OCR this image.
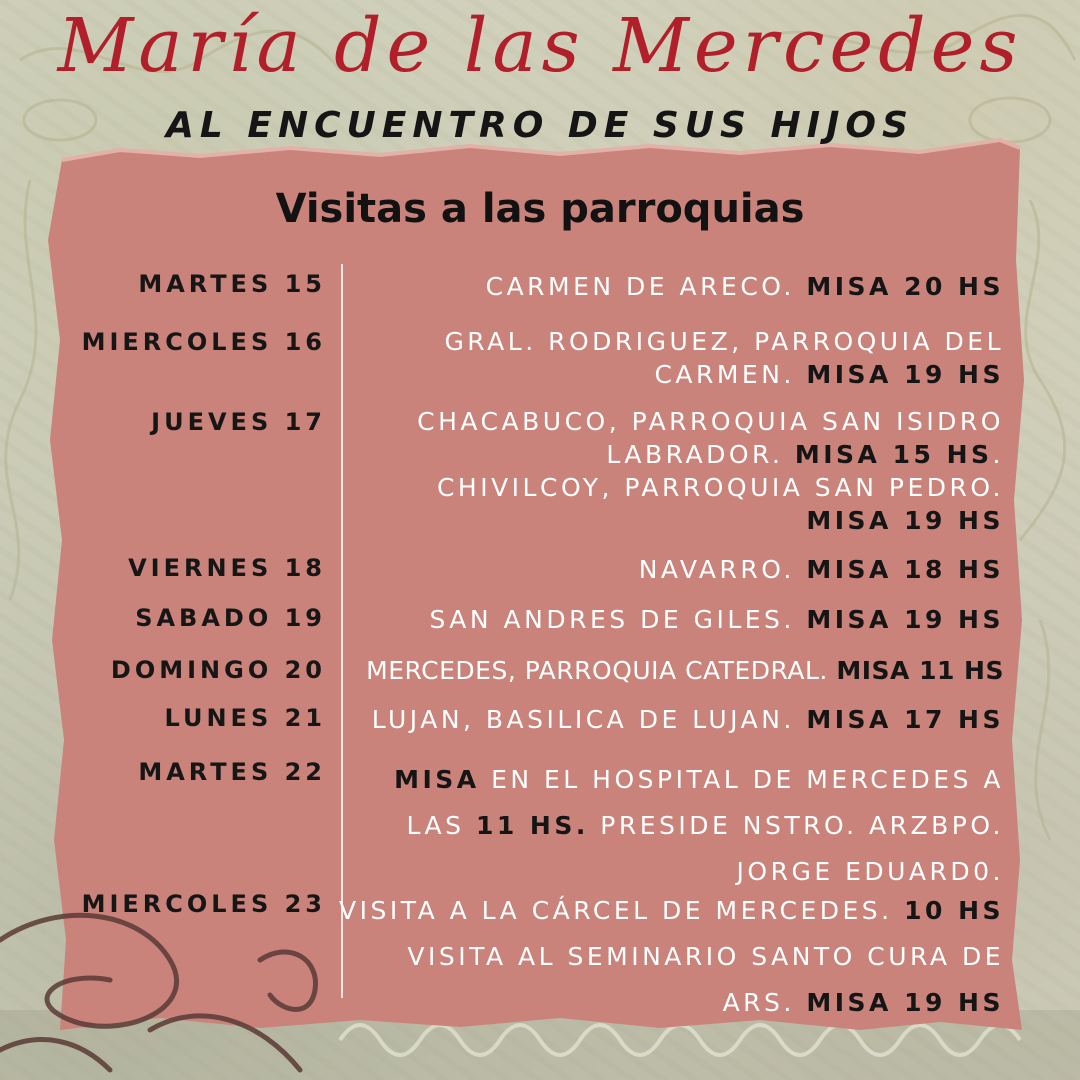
María de las Mercedes
AL ENCUENTRO DE SUS HIJOS
Visitas a las parroquias
MARTES 15	CARMEN DE ARECO. MISA 20 HS
MIERCOLES 16	GRAL. RODRIGUEZ, PARROQUIA DEL
CARMEN. MISA 19 HS
JUEVES 17	CHACABUCO, PARROQUIA SAN ISIDRO
LABRADOR. MISA 15 HS.
CHIVILCOY, PARROQUIA SAN PEDRO.
MISA 19 HS
VIERNES 18	NAVARRO. MISA 18 HS
SABADO 19	SAN ANDRES DE GILES. MISA 19 HS
DOMINGO 20 MERCEDES, PARROQUIA CATEDRAL. MISA 11 HS
LUNES 21 LUJAN, BASILICA DE LUJAN. MISA 17 HS
MARTES 22	MISA EN EL HOSPITAL DE MERCEDES A
LAS 11 HS. PRESIDE NSTRO. ARZBPO.
JORGE EDUARD0.
MIERCOLES 23 VISITA A LA CÁRCEL DE MERCEDES. 10 HS
VISITA AL SEMINARIO SANTO CURA DE
ARS. MISA 19 HS
